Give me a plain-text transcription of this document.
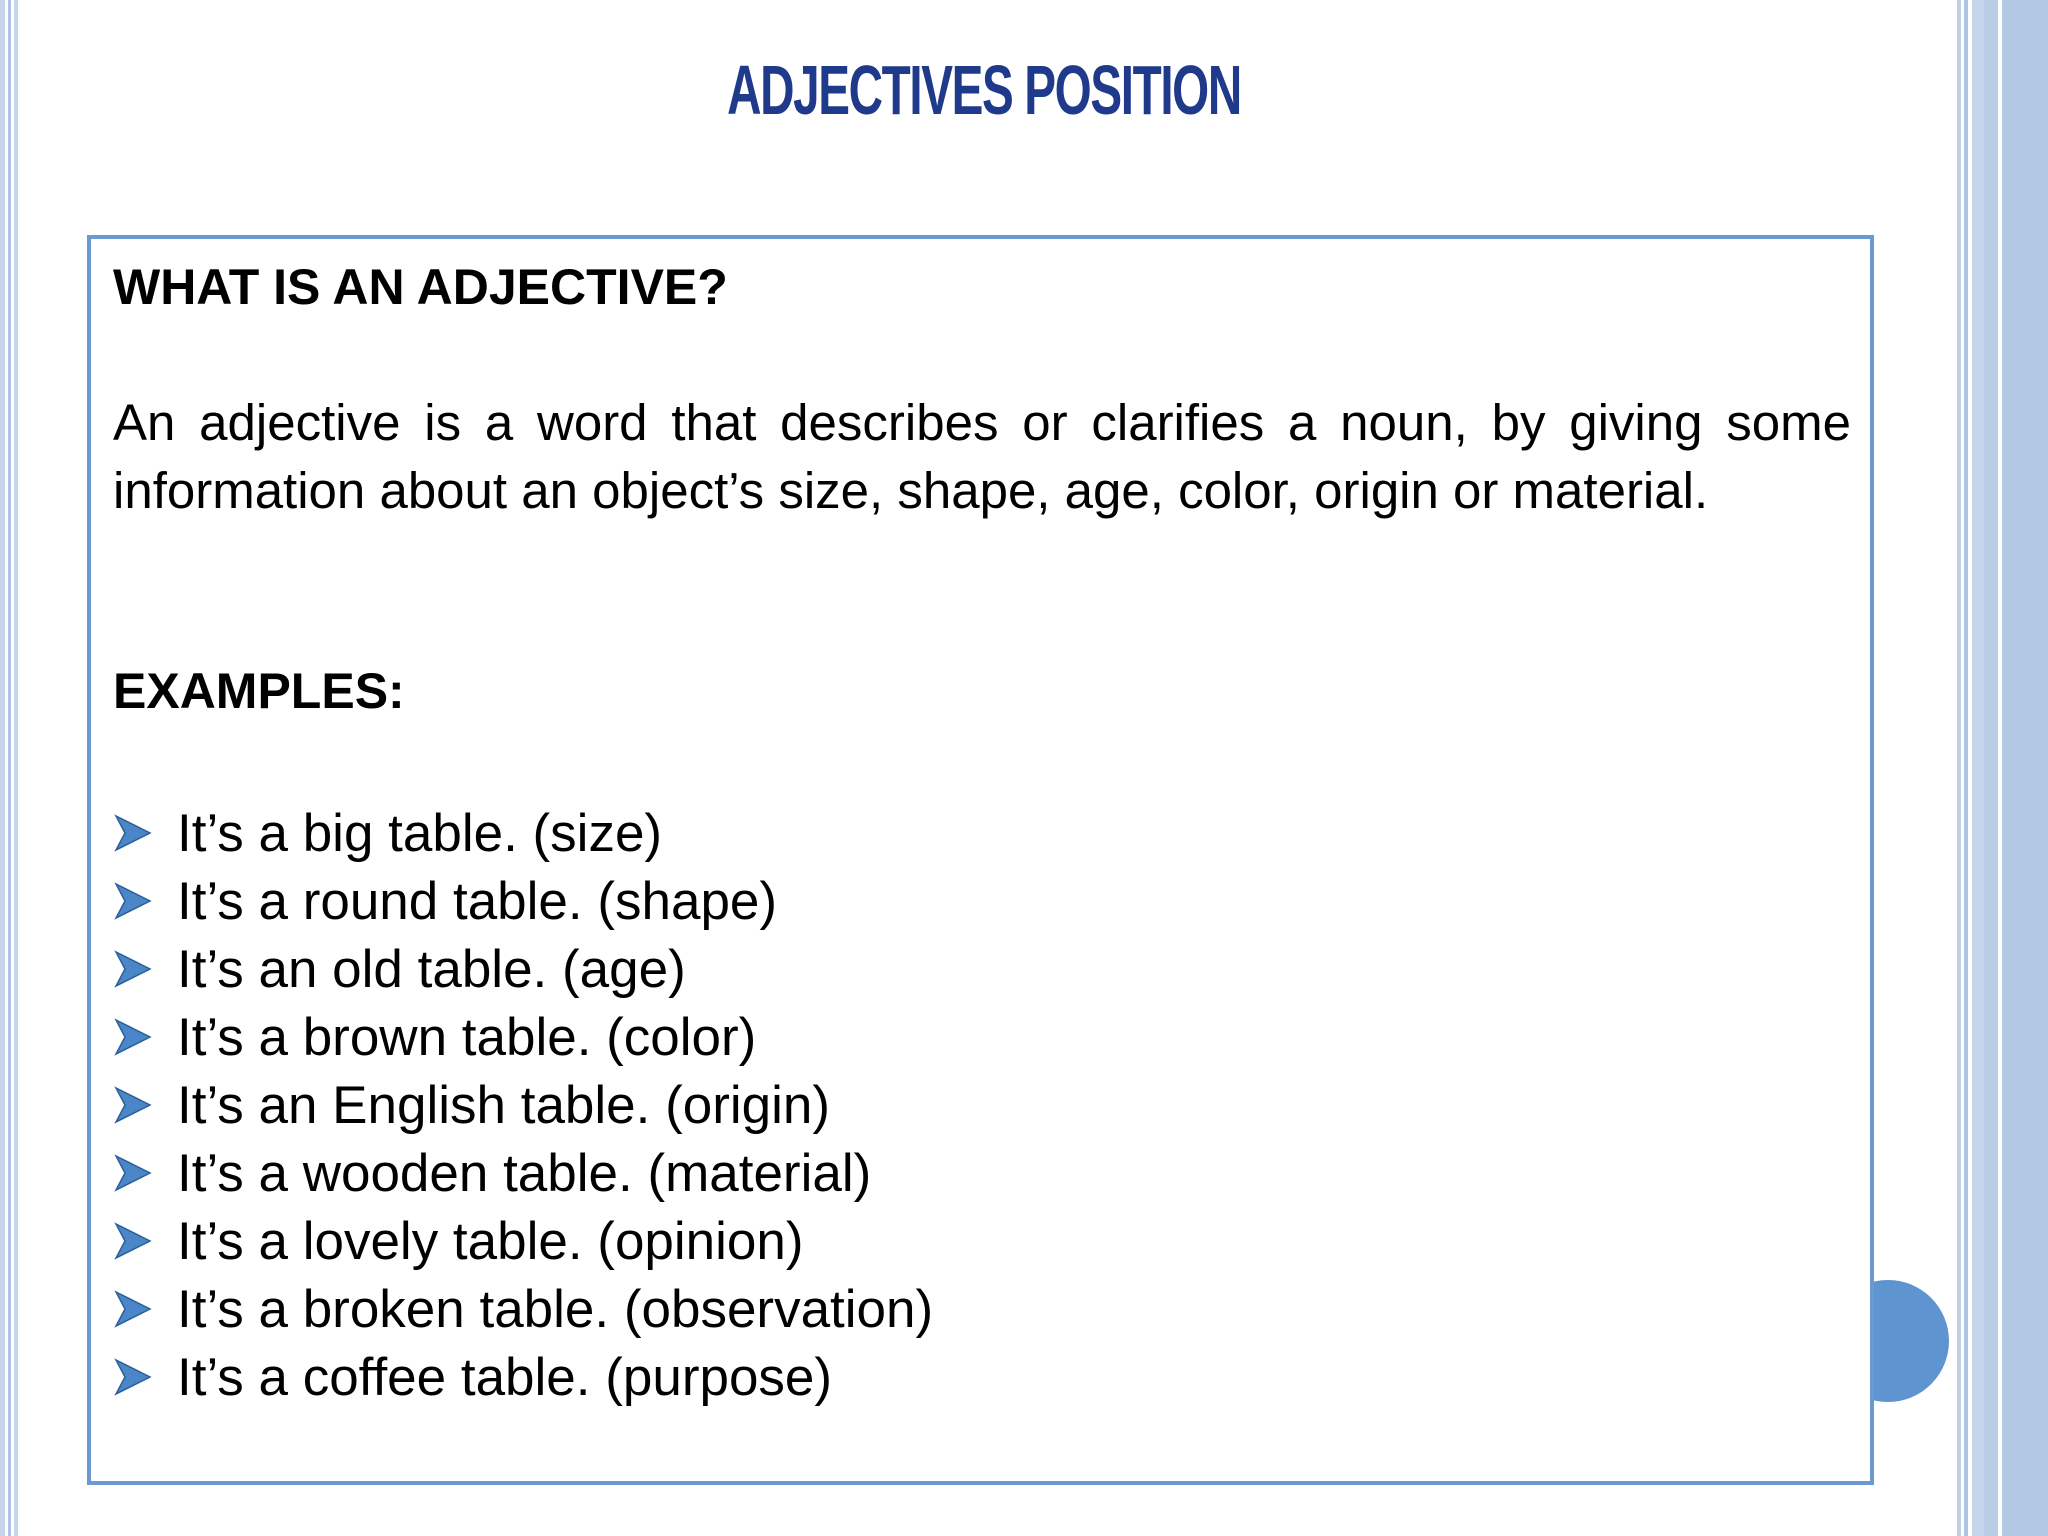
ADJECTIVES POSITION

WHAT IS AN ADJECTIVE?

An adjective is a word that describes or clarifies a noun, by giving some information about an object’s size, shape, age, color, origin or material.

EXAMPLES:

It’s a big table. (size)
It’s a round table. (shape)
It’s an old table. (age)
It’s a brown table. (color)
It’s an English table. (origin)
It’s a wooden table. (material)
It’s a lovely table. (opinion)
It’s a broken table. (observation)
It’s a coffee table. (purpose)
